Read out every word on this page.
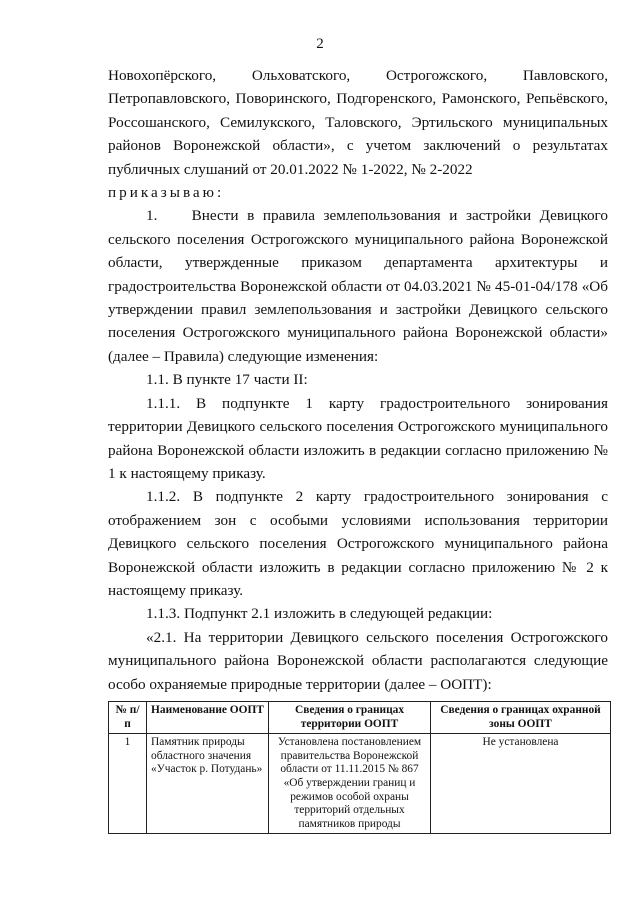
2

Новохопёрского, Ольховатского, Острогожского, Павловского, Петропавловского, Поворинского, Подгоренского, Рамонского, Репьёвского, Россошанского, Семилукского, Таловского, Эртильского муниципальных районов Воронежской области», с учетом заключений о результатах публичных слушаний от 20.01.2022 № 1-2022, № 2-2022

приказываю:

1.    Внести в правила землепользования и застройки Девицкого сельского поселения Острогожского муниципального района Воронежской области, утвержденные приказом департамента архитектуры и градостроительства Воронежской области от 04.03.2021 № 45-01-04/178 «Об утверждении правил землепользования и застройки Девицкого сельского поселения Острогожского муниципального района Воронежской области» (далее – Правила) следующие изменения:

1.1. В пункте 17 части II:

1.1.1. В подпункте 1 карту градостроительного зонирования территории Девицкого сельского поселения Острогожского муниципального района Воронежской области изложить в редакции согласно приложению № 1 к настоящему приказу.

1.1.2. В подпункте 2 карту градостроительного зонирования с отображением зон с особыми условиями использования территории Девицкого сельского поселения Острогожского муниципального района Воронежской области изложить в редакции согласно приложению № 2 к настоящему приказу.

1.1.3. Подпункт 2.1 изложить в следующей редакции:

«2.1. На территории Девицкого сельского поселения Острогожского муниципального района Воронежской области располагаются следующие особо охраняемые природные территории (далее – ООПТ):

№ п/п	Наименование ООПТ	Сведения о границах территории ООПТ	Сведения о границах охранной зоны ООПТ
1	Памятник природы областного значения «Участок р. Потудань»	Установлена постановлением правительства Воронежской области от 11.11.2015 № 867 «Об утверждении границ и режимов особой охраны территорий отдельных памятников природы	Не установлена
